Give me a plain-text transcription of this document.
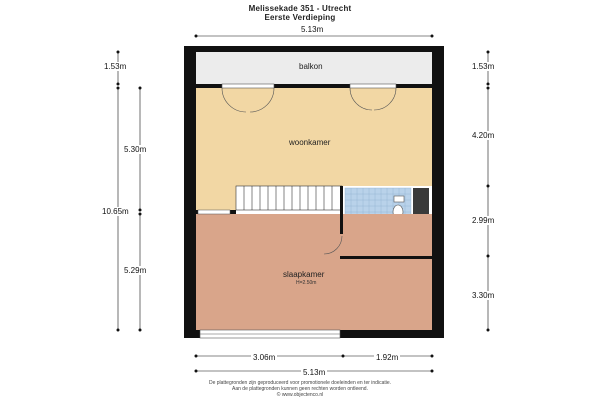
Melissekade 351 - Utrecht
Eerste Verdieping
balkon
woonkamer
slaapkamer
H=2.50m
5.13m
3.06m	1.92m
5.13m
1.53m
5.30m
10.65m
5.29m
1.53m
4.20m
2.99m
3.30m
De plattegronden zijn geproduceerd voor promotionele doeleinden en ter indicatie.
Aan de plattegronden kunnen geen rechten worden ontleend.
© www.objectenco.nl
